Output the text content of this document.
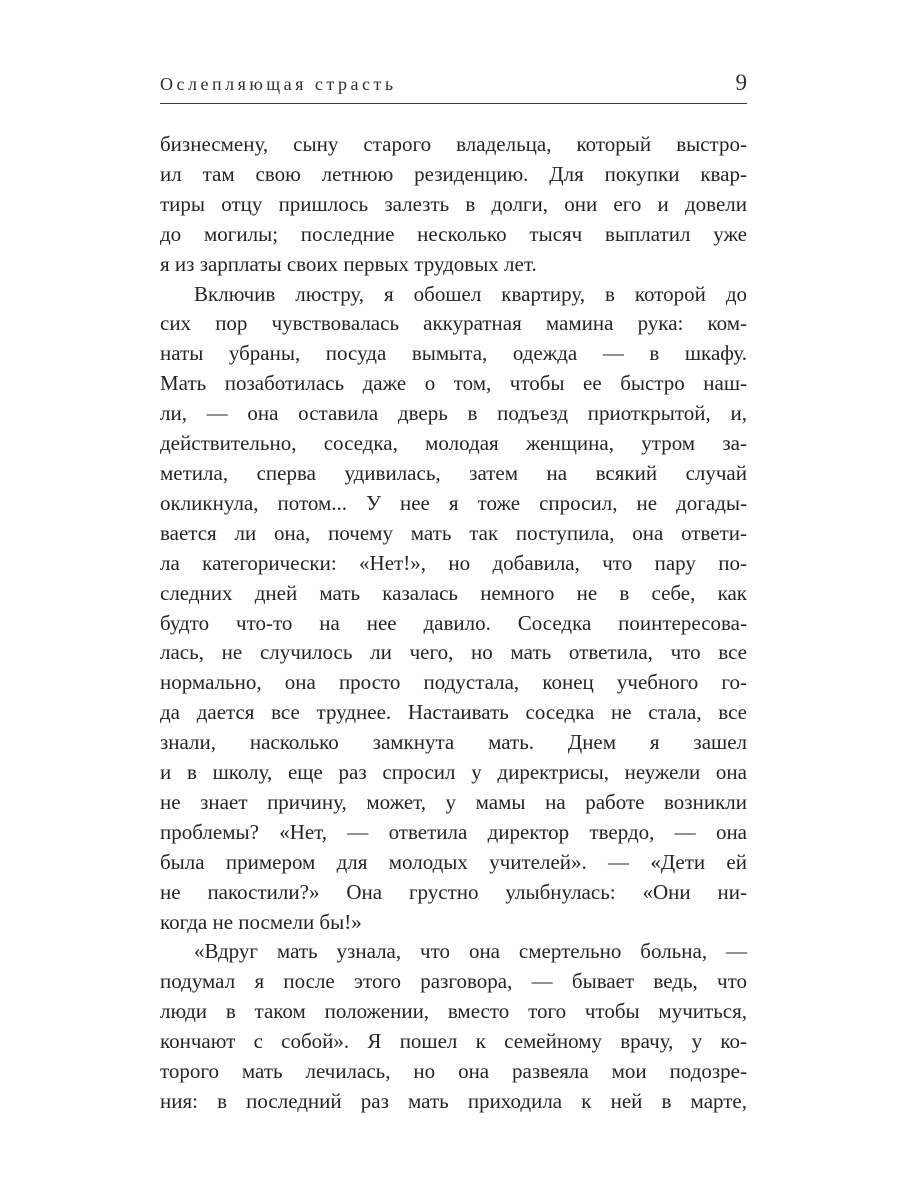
Ослепляющая страсть	9
бизнесмену, сыну старого владельца, который выстро-
ил там свою летнюю резиденцию. Для покупки квар-
тиры отцу пришлось залезть в долги, они его и довели
до могилы; последние несколько тысяч выплатил уже
я из зарплаты своих первых трудовых лет.
Включив люстру, я обошел квартиру, в которой до
сих пор чувствовалась аккуратная мамина рука: ком-
наты убраны, посуда вымыта, одежда — в шкафу.
Мать позаботилась даже о том, чтобы ее быстро наш-
ли, — она оставила дверь в подъезд приоткрытой, и,
действительно, соседка, молодая женщина, утром за-
метила, сперва удивилась, затем на всякий случай
окликнула, потом... У нее я тоже спросил, не догады-
вается ли она, почему мать так поступила, она ответи-
ла категорически: «Нет!», но добавила, что пару по-
следних дней мать казалась немного не в себе, как
будто что-то на нее давило. Соседка поинтересова-
лась, не случилось ли чего, но мать ответила, что все
нормально, она просто подустала, конец учебного го-
да дается все труднее. Настаивать соседка не стала, все
знали, насколько замкнута мать. Днем я зашел
и в школу, еще раз спросил у директрисы, неужели она
не знает причину, может, у мамы на работе возникли
проблемы? «Нет, — ответила директор твердо, — она
была примером для молодых учителей». — «Дети ей
не пакостили?» Она грустно улыбнулась: «Они ни-
когда не посмели бы!»
«Вдруг мать узнала, что она смертельно больна, —
подумал я после этого разговора, — бывает ведь, что
люди в таком положении, вместо того чтобы мучиться,
кончают с собой». Я пошел к семейному врачу, у ко-
торого мать лечилась, но она развеяла мои подозре-
ния: в последний раз мать приходила к ней в марте,
